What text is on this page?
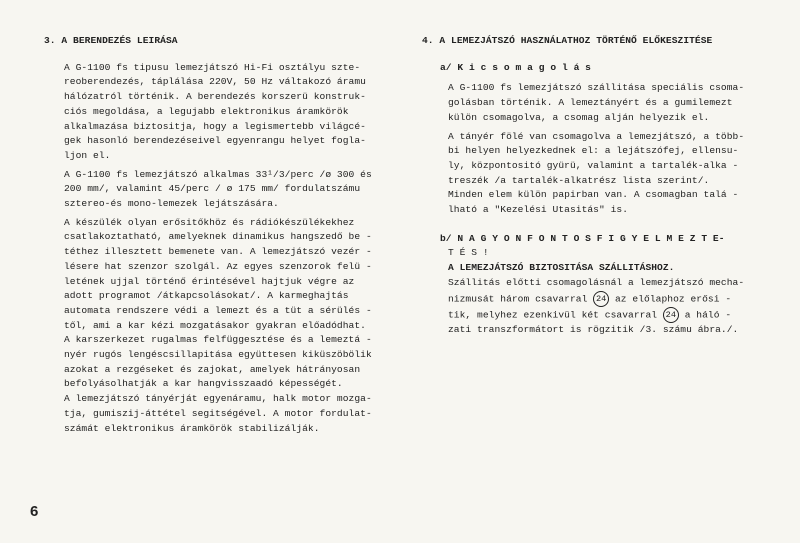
3. A BERENDEZÉS LEIRÁSA
A G-1100 fs tipusu lemezjátszó Hi-Fi osztályu szte-
reoberendezés, táplálása 220V, 50 Hz váltakozó áramu
hálózatról történik. A berendezés korszerü konstruk-
ciós megoldása, a legujabb elektronikus áramkörök
alkalmazása biztositja, hogy a legismertebb világcé-
gek hasonló berendezéseivel egyenrangu helyet fogla-
ljon el.
A G-1100 fs lemezjátszó alkalmas 33¹/3/perc /ø 300 és
200 mm/, valamint 45/perc / ø 175 mm/ fordulatszámu
sztereo-és mono-lemezek lejátszására.
A készülék olyan erősitőkhöz és rádiókészülékekhez
csatlakoztatható, amelyeknek dinamikus hangszedő be -
téthez illesztett bemenete van. A lemezjátszó vezér -
lésere hat szenzor szolgál. Az egyes szenzorok felü -
letének ujjal történő érintésével hajtjuk végre az
adott programot /átkapcsolásokat/. A karmeghajtás
automata rendszere védi a lemezt és a tüt a sérülés -
től, ami a kar kézi mozgatásakor gyakran előadódhat.
A karszerkezet rugalmas felfüggesztése és a lemeztá -
nyér rugós lengéscsillapitása együttesen kiküszöbölik
azokat a rezgéseket és zajokat, amelyek hátrányosan
befolyásolhatják a kar hangvisszaadó képességét.
A lemezjátszó tányérját egyenáramu, halk motor mozga-
tja, gumiszij-áttétel segitségével. A motor fordulat-
számát elektronikus áramkörök stabilizálják.
4. A LEMEZJÁTSZÓ HASZNÁLATHOZ TÖRTÉNŐ ELŐKESZITÉSE
a/ K i c s o m a g o l á s
A G-1100 fs lemezjátszó szállitása speciális csoma-
golásban történik. A lemeztányért és a gumilemezt
külön csomagolva, a csomag alján helyezik el.
A tányér fölé van csomagolva a lemezjátszó, a több-
bi helyen helyezkednek el: a lejátszófej, ellensu-
ly, központositó gyürü, valamint a tartalék-alka -
treszék /a tartalék-alkatrész lista szerint/.
Minden elem külön papirban van. A csomagban talá -
lható a "Kezelési Utasitás" is.
b/ N A G Y O N F O N T O S F I G Y E L M E Z T E-
T É S !
A LEMEZJÁTSZÓ BIZTOSITÁSA SZÁLLITÁSHOZ.
Szállitás előtti csomagolásnál a lemezjátszó mecha-
nizmusát három csavarral 24 az előlaphoz erősi -
tik, melyhez ezenkivül két csavarral 24 a háló -
zati transzformátort is rögzitik /3. számu ábra./.
6
